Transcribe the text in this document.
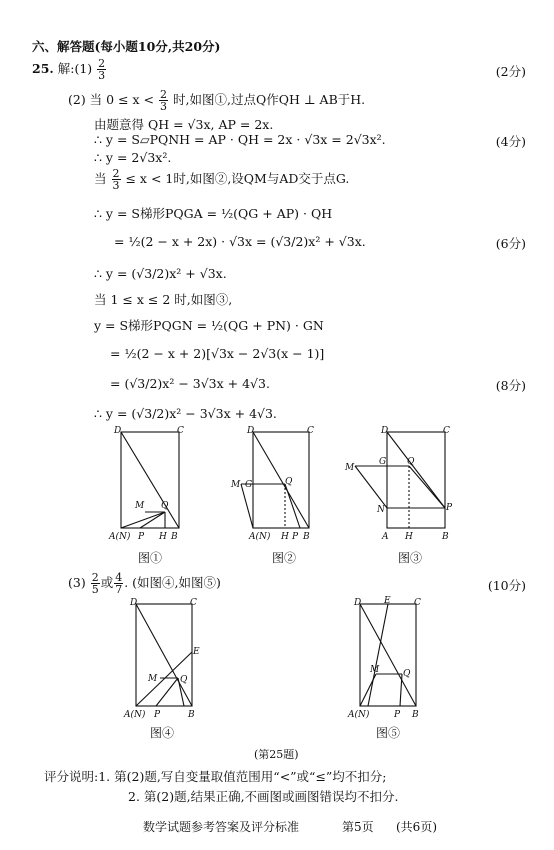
六、解答题(每小题10分,共20分)
25. 解:(1) $\frac{2}{3}$	(2分)
(2) 当 $0 \le x < \frac{2}{3}$ 时,如图①,过点Q作QH ⊥ AB于H.
由题意得 QH = √3x, AP = 2x.
∴ y = S▱PQNH = AP · QH = 2x · √3x = 2√3x².	(4分)
∴ y = 2√3x².
当 $\frac{2}{3} \le x < 1$时,如图②,设QM与AD交于点G.
∴ y = S梯形PQGA = ½(QG + AP) · QH
= ½(2 − x + 2x) · √3x = (√3/2)x² + √3x.	(6分)
∴ y = (√3/2)x² + √3x.
当 1 ≤ x ≤ 2 时,如图③,
y = S梯形PQGN = ½(QG + PN) · GN
= ½(2 − x + 2)[√3x − 2√3(x − 1)]
= (√3/2)x² − 3√3x + 4√3.	(8分)
∴ y = (√3/2)x² − 3√3x + 4√3.
D	C
M Q
A(N) P H B
D	C
M G	Q
A(N) H P B
D	C
M
G Q
N	P
A H	B
图①	图②	图③
$(3) \frac{2}{5}$ 或 $\frac{4}{7}$ . (如图④,如图⑤)	(10分)
D	C
E
M	Q
A(N) P	B
D	E	C
M	Q
A(N)	P B
图④	图⑤
(第25题)
评分说明:1. 第(2)题,写自变量取值范围用“<”或“≤”均不扣分;
2. 第(2)题,结果正确,不画图或画图错误均不扣分.
数学试题参考答案及评分标准	第5页 (共6页)
